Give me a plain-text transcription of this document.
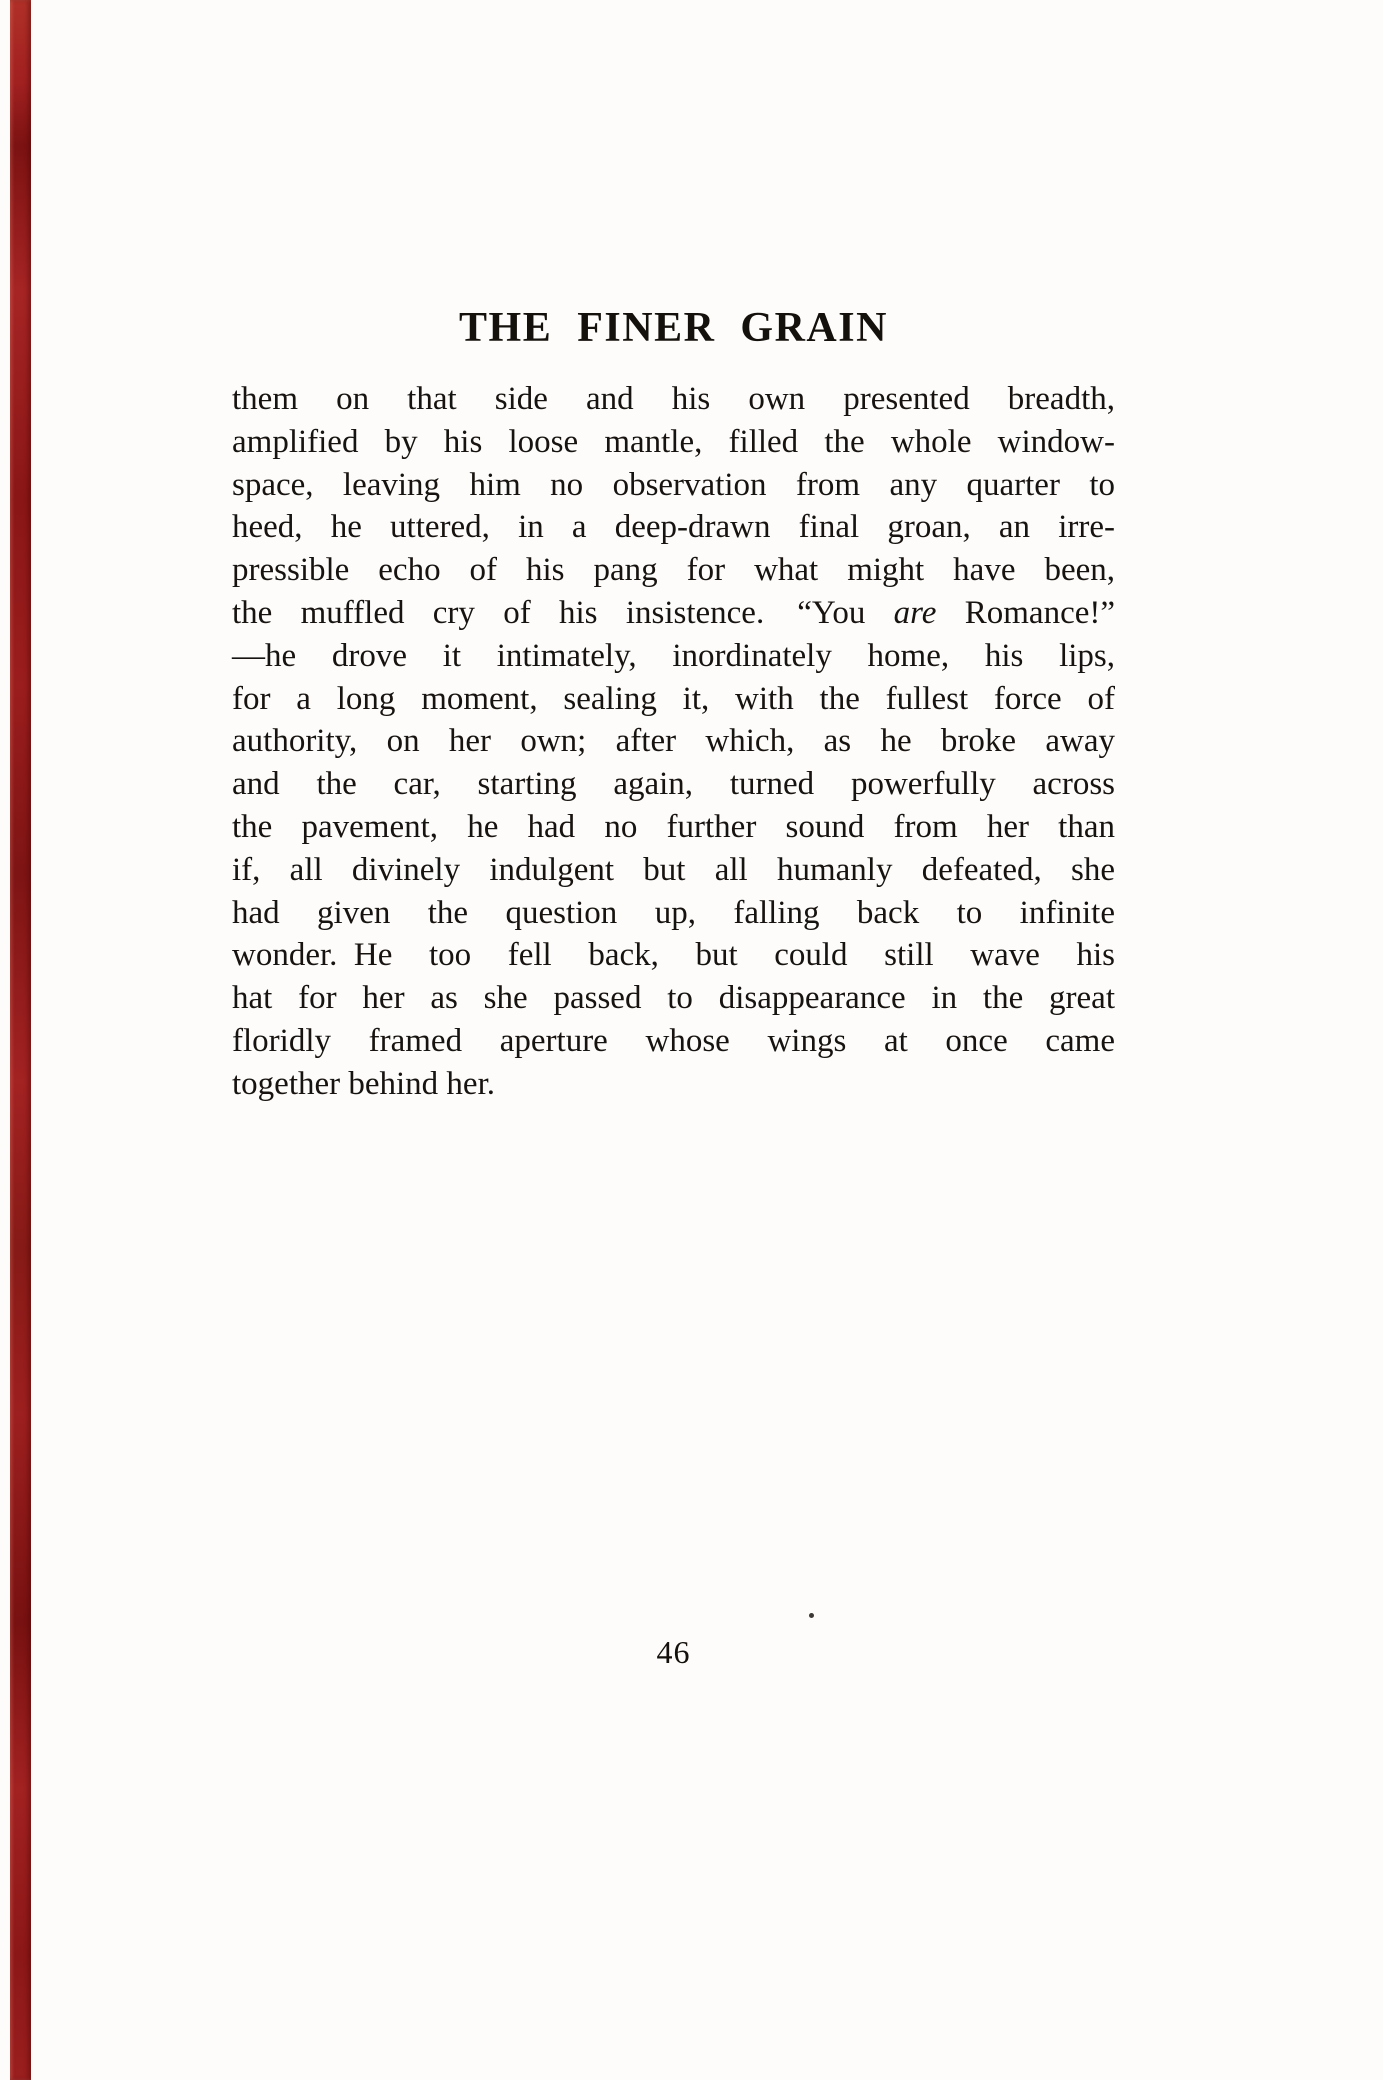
THE FINER GRAIN
them on that side and his own presented breadth,
amplified by his loose mantle, filled the whole window-
space, leaving him no observation from any quarter to
heed, he uttered, in a deep-drawn final groan, an irre-
pressible echo of his pang for what might have been,
the muffled cry of his insistence. “You are Romance!”
—he drove it intimately, inordinately home, his lips,
for a long moment, sealing it, with the fullest force of
authority, on her own; after which, as he broke away
and the car, starting again, turned powerfully across
the pavement, he had no further sound from her than
if, all divinely indulgent but all humanly defeated, she
had given the question up, falling back to infinite
wonder. He too fell back, but could still wave his
hat for her as she passed to disappearance in the great
floridly framed aperture whose wings at once came
together behind her.
46
